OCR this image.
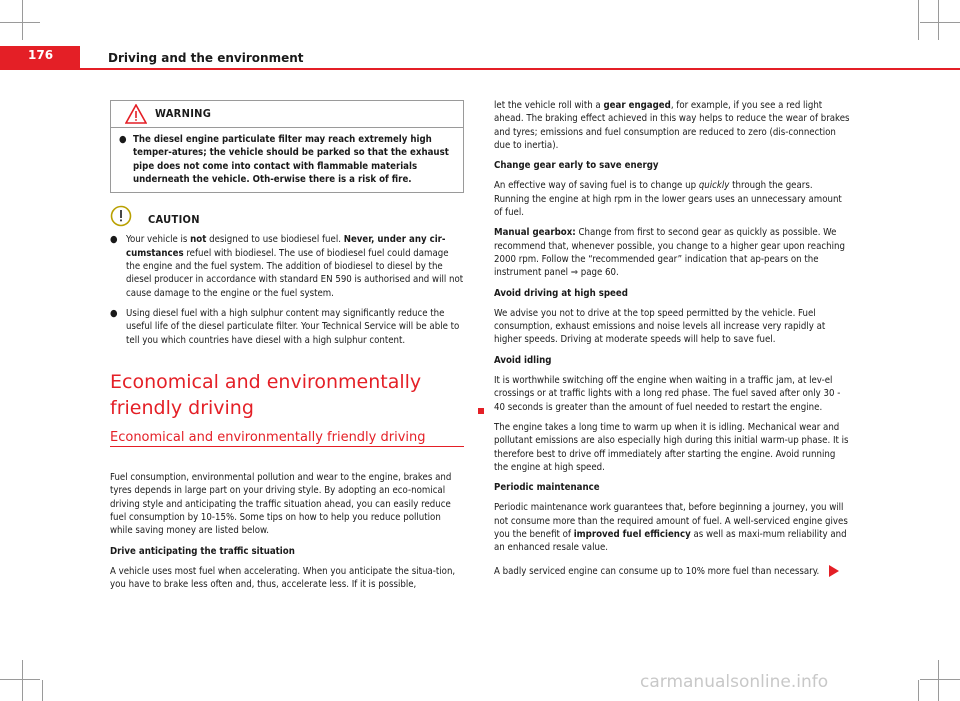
176	Driving and the environment
WARNING
● The diesel engine particulate filter may reach extremely high temper-atures; the vehicle should be parked so that the exhaust pipe does not come into contact with flammable materials underneath the vehicle. Oth-erwise there is a risk of fire.
CAUTION

● Your vehicle is not designed to use biodiesel fuel. Never, under any cir-cumstances refuel with biodiesel. The use of biodiesel fuel could damage the engine and the fuel system. The addition of biodiesel to diesel by the diesel producer in accordance with standard EN 590 is authorised and will not cause damage to the engine or the fuel system.

● Using diesel fuel with a high sulphur content may significantly reduce the useful life of the diesel particulate filter. Your Technical Service will be able to tell you which countries have diesel with a high sulphur content.

Economical and environmentally friendly driving
Economical and environmentally friendly driving

Fuel consumption, environmental pollution and wear to the engine, brakes and tyres depends in large part on your driving style. By adopting an eco-nomical driving style and anticipating the traffic situation ahead, you can easily reduce fuel consumption by 10-15%. Some tips on how to help you reduce pollution while saving money are listed below.

Drive anticipating the traffic situation

A vehicle uses most fuel when accelerating. When you anticipate the situa-tion, you have to brake less often and, thus, accelerate less. If it is possible,

let the vehicle roll with a gear engaged, for example, if you see a red light ahead. The braking effect achieved in this way helps to reduce the wear of brakes and tyres; emissions and fuel consumption are reduced to zero (dis-connection due to inertia).

Change gear early to save energy

An effective way of saving fuel is to change up quickly through the gears. Running the engine at high rpm in the lower gears uses an unnecessary amount of fuel.

Manual gearbox: Change from first to second gear as quickly as possible. We recommend that, whenever possible, you change to a higher gear upon reaching 2000 rpm. Follow the “recommended gear” indication that ap-pears on the instrument panel ⇒ page 60.

Avoid driving at high speed

We advise you not to drive at the top speed permitted by the vehicle. Fuel consumption, exhaust emissions and noise levels all increase very rapidly at higher speeds. Driving at moderate speeds will help to save fuel.

Avoid idling

It is worthwhile switching off the engine when waiting in a traffic jam, at lev-el crossings or at traffic lights with a long red phase. The fuel saved after only 30 - 40 seconds is greater than the amount of fuel needed to restart the engine.

The engine takes a long time to warm up when it is idling. Mechanical wear and pollutant emissions are also especially high during this initial warm-up phase. It is therefore best to drive off immediately after starting the engine. Avoid running the engine at high speed.

Periodic maintenance

Periodic maintenance work guarantees that, before beginning a journey, you will not consume more than the required amount of fuel. A well-serviced engine gives you the benefit of improved fuel efficiency as well as maxi-mum reliability and an enhanced resale value.

A badly serviced engine can consume up to 10% more fuel than necessary.

carmanualsonline.info
